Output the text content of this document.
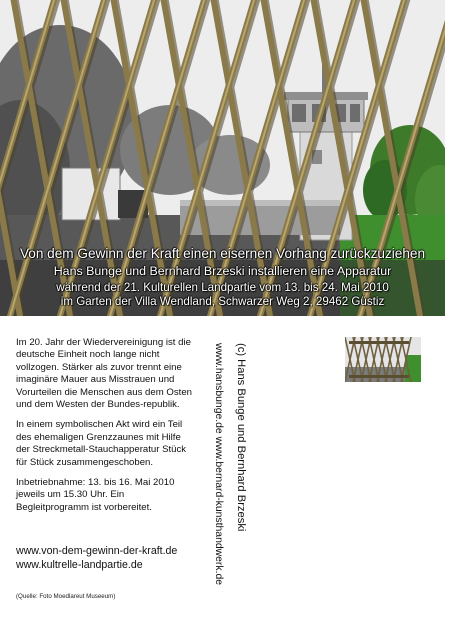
Von dem Gewinn der Kraft einen eisernen Vorhang zurückzuziehen
Hans Bunge und Bernhard Brzeski installieren eine Apparatur
während der 21. Kulturellen Landpartie vom 13. bis 24. Mai 2010
im Garten der Villa Wendland, Schwarzer Weg 2, 29462 Güstiz

Im 20. Jahr der Wiedervereinigung ist die deutsche Einheit noch lange nicht vollzogen. Stärker als zuvor trennt eine imaginäre Mauer aus Misstrauen und Vorurteilen die Menschen aus dem Osten und dem Westen der Bundes-republik.

In einem symbolischen Akt wird ein Teil des ehemaligen Grenzzaunes mit Hilfe der Streckmetall-Stauchapperatur Stück für Stück zusammengeschoben.

Inbetriebnahme: 13. bis 16. Mai 2010 jeweils um 15.30 Uhr. Ein Begleitprogramm ist vorbereitet.

www.von-dem-gewinn-der-kraft.de
www.kultrelle-landpartie.de
(Quelle: Foto Moedlareut Museeum)
(c) Hans Bunge und Bernhard Brzeski
www.hansbunge.de www.bernard-kunsthandwerk.de
